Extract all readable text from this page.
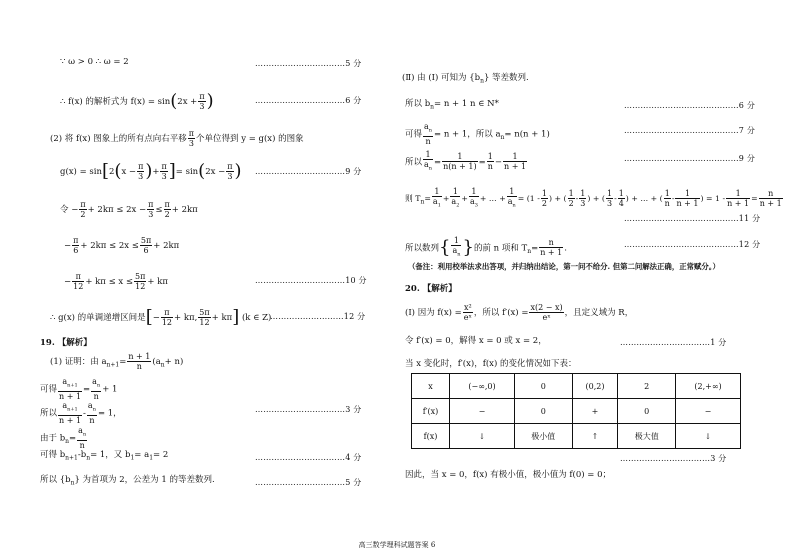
∵ ω > 0 ∴ ω = 2	……………………………5 分
∴ f(x) 的解析式为 $f(x) = \sin(2x + \frac{\pi}{3}$ )	……………………………6 分
(2) 将 f(x) 图象上的所有点向右平移 $\frac{\pi}{3}$ 个单位得到 y = g(x) 的图象
$g(x) = \sin[2(x - \frac{\pi}{3}$ )+ $\frac{\pi}{3}$ ]= $\sin(2x - \frac{\pi}{3}$ ) ……………………………9 分
令 − $\frac{\pi}{2} + 2k\pi \le 2x - \frac{\pi}{3} \le \frac{\pi}{2} + 2k\pi$
− $\frac{\pi}{6} + 2k\pi \le 2x \le \frac{5\pi}{6} + 2k\pi$
− $\frac{\pi}{12} + k\pi \le x \le \frac{5\pi}{12} + k\pi$	……………………………10 分
∴ g(x) 的单调递增区间是[− $\frac{\pi}{12} + k\pi$, $\frac{5\pi}{12} + k\pi$] (k ∈ Z)
………………………12 分
19. 【解析】
(1) 证明：由 $a_{n+1}= \frac{n + 1}{n} (a_n+ n)$
可得 $\frac{a_{n+1}}{n + 1} = \frac{a_n}{n} + 1$
所以 $\frac{a_{n+1}}{n + 1} - \frac{a_n}{n} = 1$，	……………………………3 分
由于 $b_n= \frac{a_n}{n}$
可得 $b_{n+1}-b_n= 1$，又 $b_1= a_1= 2$	……………………………4 分
所以 $\{b_n\}$ 为首项为 2，公差为 1 的等差数列.	……………………………5 分
(Ⅱ) 由 (Ⅰ) 可知为 $\{b_n\}$ 等差数列.
所以 $b_n= n + 1$ n ∈ N*	……………………………………6 分
可得 $\frac{a_n}{n} = n + 1$，所以 $a_n= n(n + 1)$	……………………………………7 分
所以 $\frac{1}{a_n} = \frac{1}{n(n + 1)} = \frac{1}{n} - \frac{1}{n + 1}$	……………………………………9 分
则 $T_n= \frac{1}{a_1} + \frac{1}{a_2} + \frac{1}{a_3}$ + … + $\frac{1}{a_n} = (1 - \frac{1}{2}$ ) + ( $\frac{1}{2} - \frac{1}{3}$ ) + ( $\frac{1}{3} - \frac{1}{4}$ ) + … + ( $\frac{1}{n} - \frac{1}{n + 1}$ ) = $1 - \frac{1}{n + 1} = \frac{n}{n + 1}$
……………………………………11 分
所以数列{ $\frac{1}{a_n}$ }的前 n 项和 $T_n= \frac{n}{n + 1}$ .	……………………………………12 分
（备注：利用校举法求出答项，并归纳出结论，第一问不给分. 但第二问解法正确，正常赋分。）
20. 【解析】
(Ⅰ) 因为 $f(x) = \frac{\text{x²}}{\text{eˣ}}$ ，所以 $f'(x) = \frac{x(2 - x)}{\text{eˣ}}$ ，且定义域为 R，
令 f′(x) = 0，解得 x = 0 或 x = 2，	……………………………1 分
当 x 变化时，f′(x)，f(x) 的变化情况如下表：
x	(−∞,0)	0	(0,2)	2	(2,+∞)
f′(x)	−	0	+	0	−
f(x)	↓	极小值	↑	极大值	↓
……………………………3 分
因此，当 x = 0，f(x) 有极小值，极小值为 f(0) = 0；
高三数学理科试题答案 6
